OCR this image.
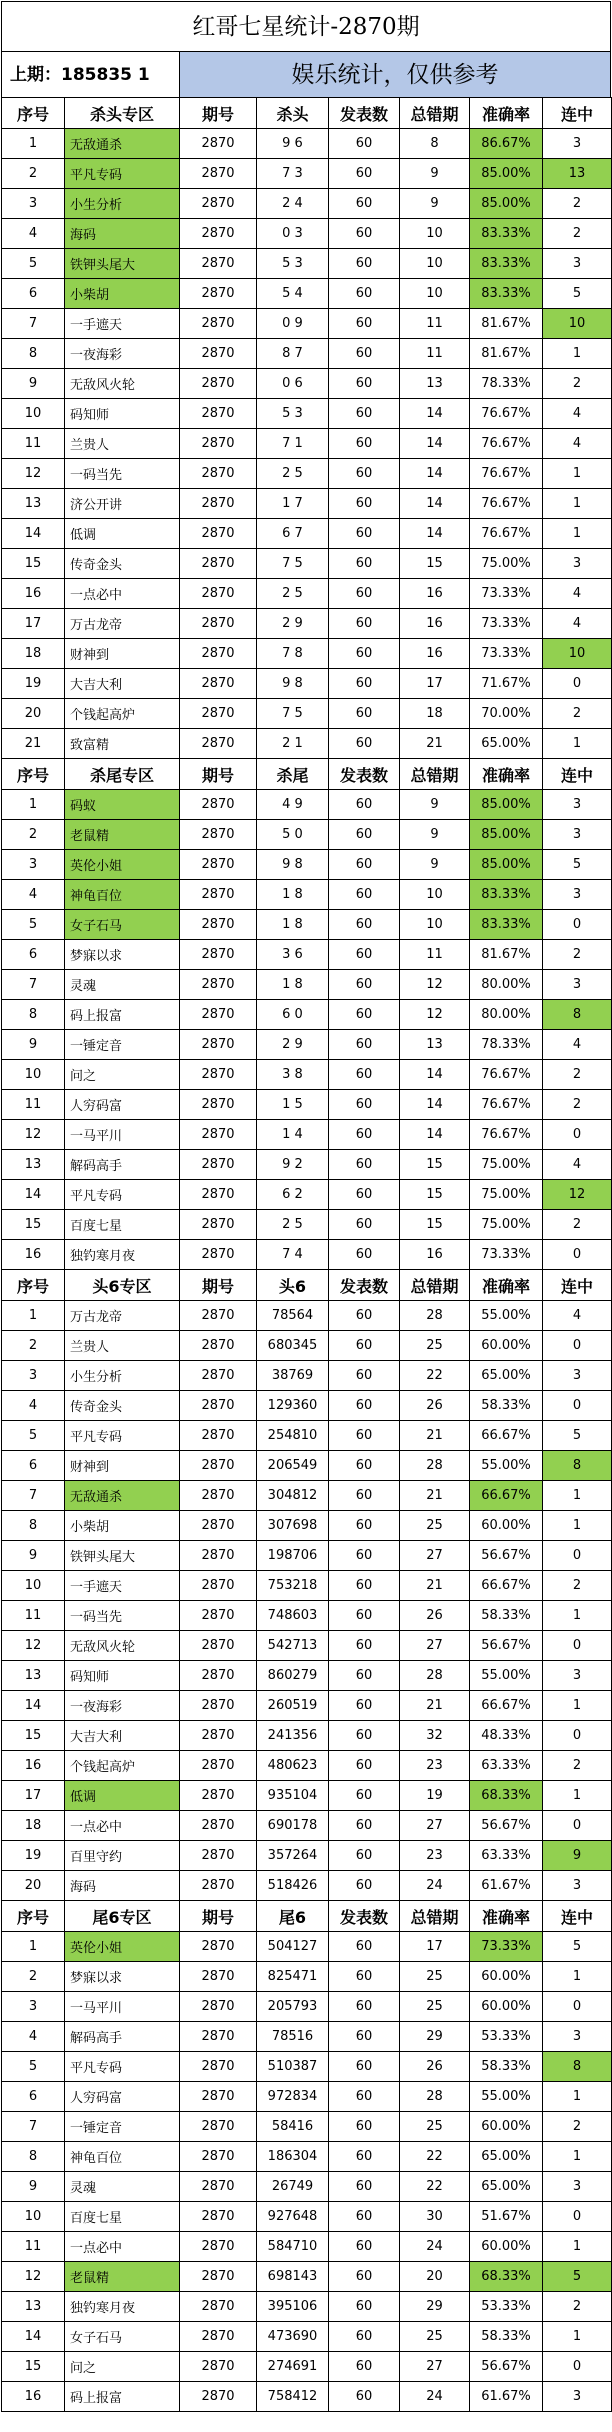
红哥七星统计-2870期
上期：185835 1	娱乐统计，仅供参考
序号	杀头专区	期号	杀头	发表数	总错期	准确率	连中
1	无敌通杀	2870	9 6	60	8	86.67%	3
2	平凡专码	2870	7 3	60	9	85.00%	13
3	小生分析	2870	2 4	60	9	85.00%	2
4	海码	2870	0 3	60	10	83.33%	2
5	铁钾头尾大	2870	5 3	60	10	83.33%	3
6	小柴胡	2870	5 4	60	10	83.33%	5
7	一手遮天	2870	0 9	60	11	81.67%	10
8	一夜海彩	2870	8 7	60	11	81.67%	1
9	无敌风火轮	2870	0 6	60	13	78.33%	2
10	码知师	2870	5 3	60	14	76.67%	4
11	兰贵人	2870	7 1	60	14	76.67%	4
12	一码当先	2870	2 5	60	14	76.67%	1
13	济公开讲	2870	1 7	60	14	76.67%	1
14	低调	2870	6 7	60	14	76.67%	1
15	传奇金头	2870	7 5	60	15	75.00%	3
16	一点必中	2870	2 5	60	16	73.33%	4
17	万古龙帝	2870	2 9	60	16	73.33%	4
18	财神到	2870	7 8	60	16	73.33%	10
19	大吉大利	2870	9 8	60	17	71.67%	0
20	个钱起高炉	2870	7 5	60	18	70.00%	2
21	致富精	2870	2 1	60	21	65.00%	1
序号	杀尾专区	期号	杀尾	发表数	总错期	准确率	连中
1	码蚁	2870	4 9	60	9	85.00%	3
2	老鼠精	2870	5 0	60	9	85.00%	3
3	英伦小姐	2870	9 8	60	9	85.00%	5
4	神龟百位	2870	1 8	60	10	83.33%	3
5	女子石马	2870	1 8	60	10	83.33%	0
6	梦寐以求	2870	3 6	60	11	81.67%	2
7	灵魂	2870	1 8	60	12	80.00%	3
8	码上报富	2870	6 0	60	12	80.00%	8
9	一锤定音	2870	2 9	60	13	78.33%	4
10	问之	2870	3 8	60	14	76.67%	2
11	人穷码富	2870	1 5	60	14	76.67%	2
12	一马平川	2870	1 4	60	14	76.67%	0
13	解码高手	2870	9 2	60	15	75.00%	4
14	平凡专码	2870	6 2	60	15	75.00%	12
15	百度七星	2870	2 5	60	15	75.00%	2
16	独钓寒月夜	2870	7 4	60	16	73.33%	0
序号	头6专区	期号	头6	发表数	总错期	准确率	连中
1	万古龙帝	2870	78564	60	28	55.00%	4
2	兰贵人	2870	680345	60	25	60.00%	0
3	小生分析	2870	38769	60	22	65.00%	3
4	传奇金头	2870	129360	60	26	58.33%	0
5	平凡专码	2870	254810	60	21	66.67%	5
6	财神到	2870	206549	60	28	55.00%	8
7	无敌通杀	2870	304812	60	21	66.67%	1
8	小柴胡	2870	307698	60	25	60.00%	1
9	铁钾头尾大	2870	198706	60	27	56.67%	0
10	一手遮天	2870	753218	60	21	66.67%	2
11	一码当先	2870	748603	60	26	58.33%	1
12	无敌风火轮	2870	542713	60	27	56.67%	0
13	码知师	2870	860279	60	28	55.00%	3
14	一夜海彩	2870	260519	60	21	66.67%	1
15	大吉大利	2870	241356	60	32	48.33%	0
16	个钱起高炉	2870	480623	60	23	63.33%	2
17	低调	2870	935104	60	19	68.33%	1
18	一点必中	2870	690178	60	27	56.67%	0
19	百里守约	2870	357264	60	23	63.33%	9
20	海码	2870	518426	60	24	61.67%	3
序号	尾6专区	期号	尾6	发表数	总错期	准确率	连中
1	英伦小姐	2870	504127	60	17	73.33%	5
2	梦寐以求	2870	825471	60	25	60.00%	1
3	一马平川	2870	205793	60	25	60.00%	0
4	解码高手	2870	78516	60	29	53.33%	3
5	平凡专码	2870	510387	60	26	58.33%	8
6	人穷码富	2870	972834	60	28	55.00%	1
7	一锤定音	2870	58416	60	25	60.00%	2
8	神龟百位	2870	186304	60	22	65.00%	1
9	灵魂	2870	26749	60	22	65.00%	3
10	百度七星	2870	927648	60	30	51.67%	0
11	一点必中	2870	584710	60	24	60.00%	1
12	老鼠精	2870	698143	60	20	68.33%	5
13	独钓寒月夜	2870	395106	60	29	53.33%	2
14	女子石马	2870	473690	60	25	58.33%	1
15	问之	2870	274691	60	27	56.67%	0
16	码上报富	2870	758412	60	24	61.67%	3
